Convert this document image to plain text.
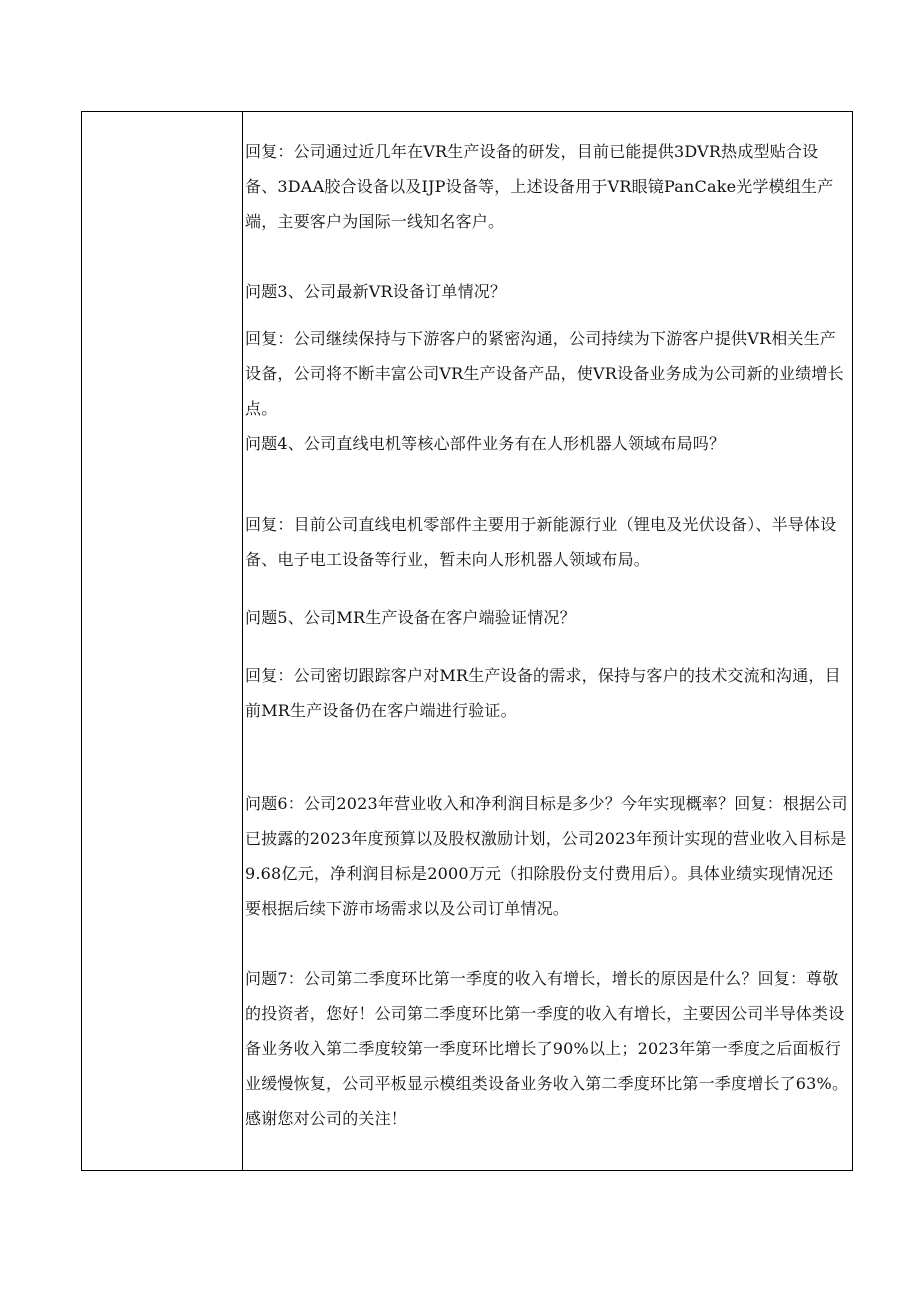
回复：公司通过近几年在VR生产设备的研发，目前已能提供3DVR热成型贴合设备、3DAA胶合设备以及IJP设备等，上述设备用于VR眼镜PanCake光学模组生产端，主要客户为国际一线知名客户。
问题3、公司最新VR设备订单情况？
回复：公司继续保持与下游客户的紧密沟通，公司持续为下游客户提供VR相关生产设备，公司将不断丰富公司VR生产设备产品，使VR设备业务成为公司新的业绩增长点。
问题4、公司直线电机等核心部件业务有在人形机器人领域布局吗？
回复：目前公司直线电机零部件主要用于新能源行业（锂电及光伏设备）、半导体设备、电子电工设备等行业，暂未向人形机器人领域布局。
问题5、公司MR生产设备在客户端验证情况？
回复：公司密切跟踪客户对MR生产设备的需求，保持与客户的技术交流和沟通，目前MR生产设备仍在客户端进行验证。
问题6：公司2023年营业收入和净利润目标是多少？今年实现概率？回复：根据公司已披露的2023年度预算以及股权激励计划，公司2023年预计实现的营业收入目标是9.68亿元，净利润目标是2000万元（扣除股份支付费用后）。具体业绩实现情况还要根据后续下游市场需求以及公司订单情况。
问题7：公司第二季度环比第一季度的收入有增长，增长的原因是什么？回复：尊敬的投资者，您好！公司第二季度环比第一季度的收入有增长，主要因公司半导体类设备业务收入第二季度较第一季度环比增长了90%以上；2023年第一季度之后面板行业缓慢恢复，公司平板显示模组类设备业务收入第二季度环比第一季度增长了63%。感谢您对公司的关注！
